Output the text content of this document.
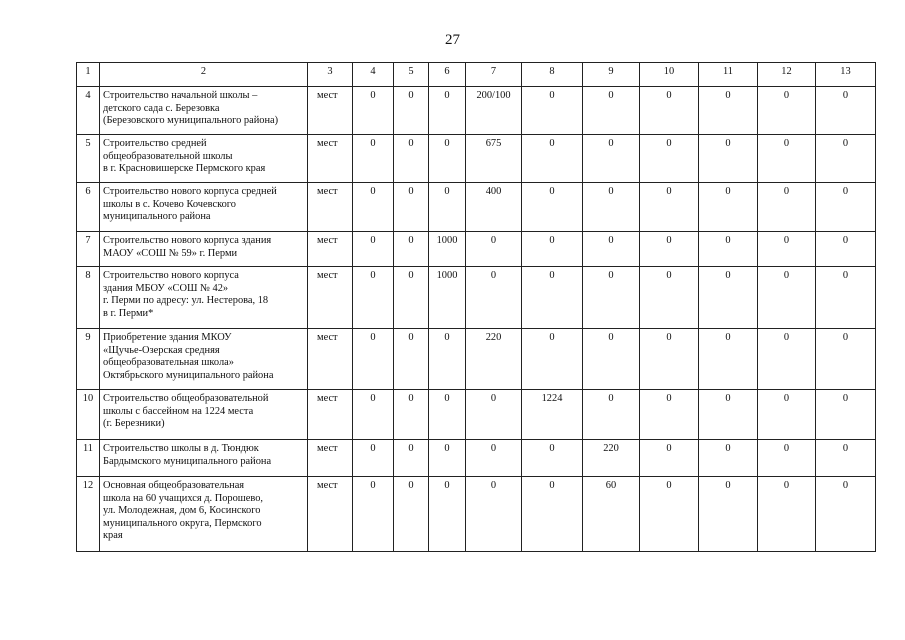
27
1	2	3	4	5	6	7	8	9	10	11	12	13
4	Строительство начальной школы –
детского сада с. Березовка
(Березовского муниципального района)	мест	0	0	0	200/100	0	0	0	0	0	0
5	Строительство средней
общеобразовательной школы
в г. Красновишерске Пермского края	мест	0	0	0	675	0	0	0	0	0	0
6	Строительство нового корпуса средней
школы в с. Кочево Кочевского
муниципального района	мест	0	0	0	400	0	0	0	0	0	0
7	Строительство нового корпуса здания
МАОУ «СОШ № 59» г. Перми	мест	0	0	1000	0	0	0	0	0	0	0
8	Строительство нового корпуса
здания МБОУ «СОШ № 42»
г. Перми по адресу: ул. Нестерова, 18
в г. Перми*	мест	0	0	1000	0	0	0	0	0	0	0
9	Приобретение здания МКОУ
«Щучье-Озерская средняя
общеобразовательная школа»
Октябрьского муниципального района	мест	0	0	0	220	0	0	0	0	0	0
10	Строительство общеобразовательной
школы с бассейном на 1224 места
(г. Березники)	мест	0	0	0	0	1224	0	0	0	0	0
11	Строительство школы в д. Тюндюк
Бардымского муниципального района	мест	0	0	0	0	0	220	0	0	0	0
12	Основная общеобразовательная
школа на 60 учащихся д. Порошево,
ул. Молодежная, дом 6, Косинского
муниципального округа, Пермского
края	мест	0	0	0	0	0	60	0	0	0	0
